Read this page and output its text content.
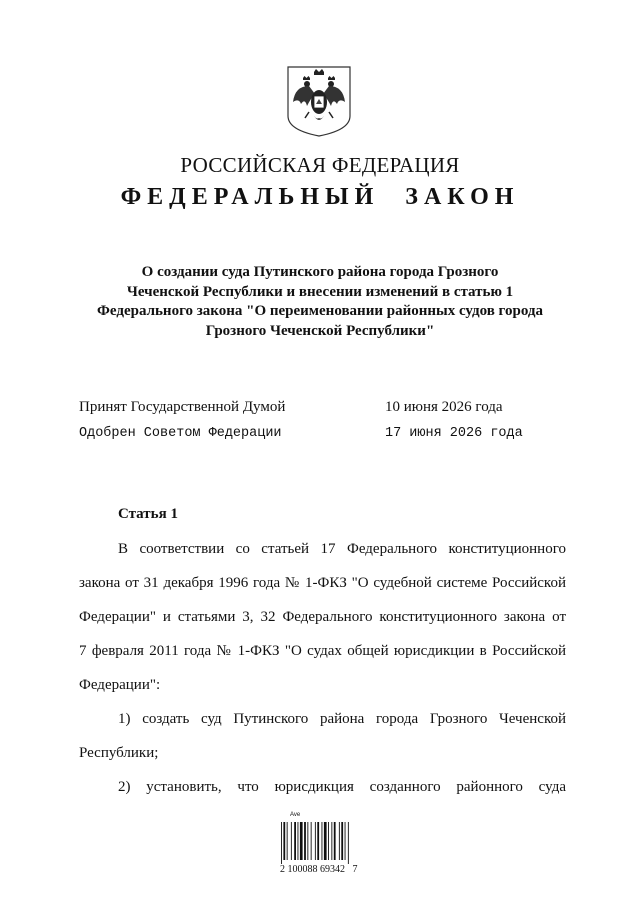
РОССИЙСКАЯ ФЕДЕРАЦИЯ
ФЕДЕРАЛЬНЫЙ ЗАКОН
О создании суда Путинского района города Грозного
Чеченской Республики и внесении изменений в статью 1
Федерального закона "О переименовании районных судов города
Грозного Чеченской Республики"
Принят Государственной Думой	10 июня 2026 года
Одобрен Советом Федерации	17 июня 2026 года
Статья 1
В соответствии со статьей 17 Федерального конституционного
закона от 31 декабря 1996 года № 1-ФКЗ "О судебной системе Российской
Федерации" и статьями 3, 32 Федерального конституционного закона от
7 февраля 2011 года № 1-ФКЗ "О судах общей юрисдикции в Российской
Федерации":
1) создать суд Путинского района города Грозного Чеченской
Республики;
2) установить, что юрисдикция созданного районного суда
Ave
2 100088 69342   7
